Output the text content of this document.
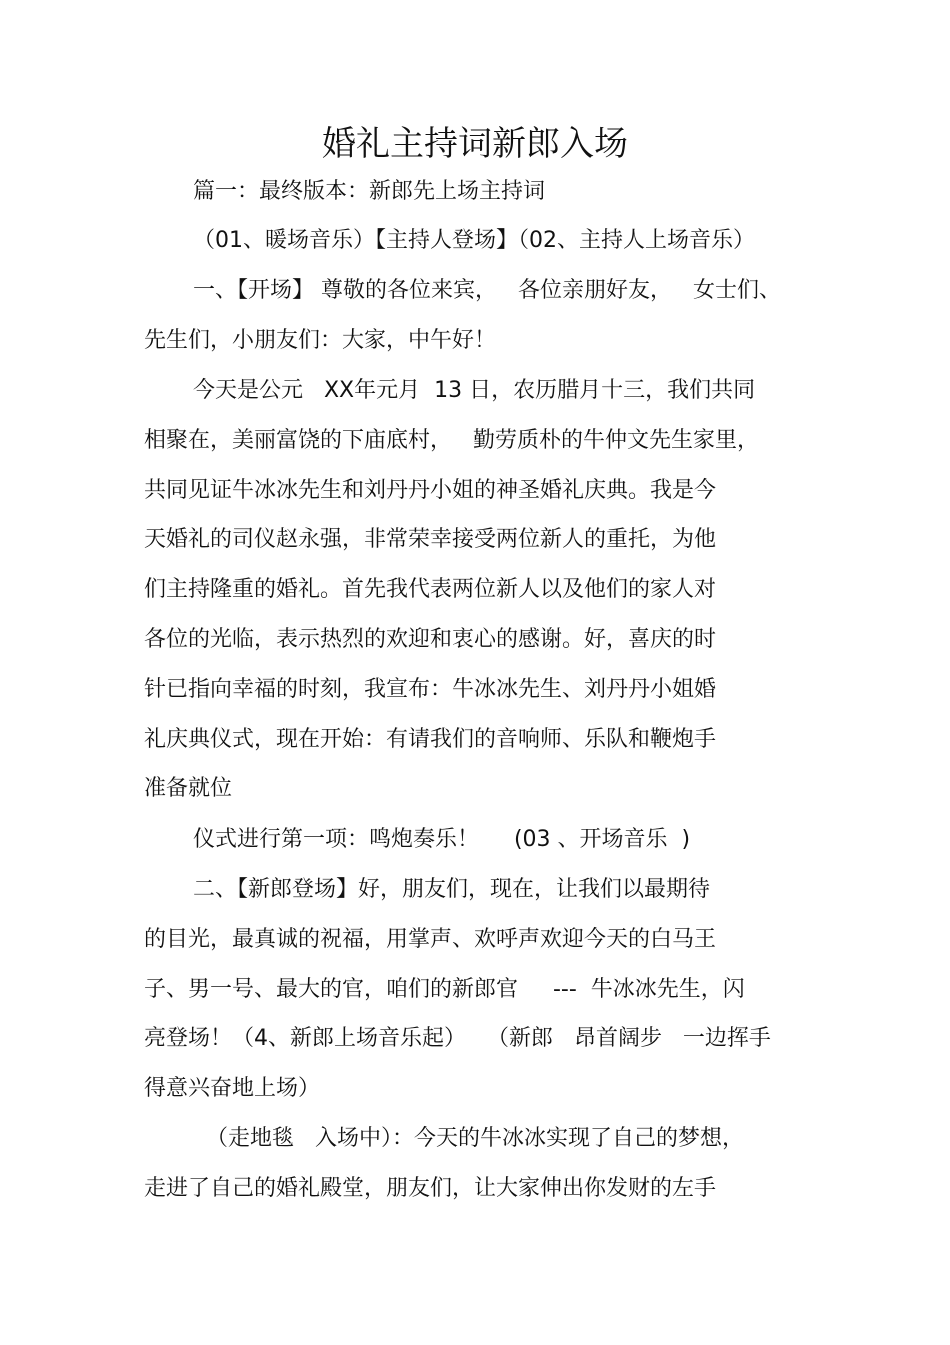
婚礼主持词新郎入场
篇一：最终版本：新郎先上场主持词
（01、暖场音乐）【主持人登场】（02、主持人上场音乐）
一、【开场】 尊敬的各位来宾，   各位亲朋好友，   女士们、
先生们，小朋友们：大家，中午好！
今天是公元   XX年元月  13 日，农历腊月十三，我们共同
相聚在，美丽富饶的下庙底村，   勤劳质朴的牛仲文先生家里，
共同见证牛冰冰先生和刘丹丹小姐的神圣婚礼庆典。我是今
天婚礼的司仪赵永强，非常荣幸接受两位新人的重托，为他
们主持隆重的婚礼。首先我代表两位新人以及他们的家人对
各位的光临，表示热烈的欢迎和衷心的感谢。好，喜庆的时
针已指向幸福的时刻，我宣布：牛冰冰先生、刘丹丹小姐婚
礼庆典仪式，现在开始：有请我们的音响师、乐队和鞭炮手
准备就位
仪式进行第一项：鸣炮奏乐！     (03 、开场音乐  )
二、【新郎登场】好，朋友们，现在，让我们以最期待
的目光，最真诚的祝福，用掌声、欢呼声欢迎今天的白马王
子、男一号、最大的官，咱们的新郎官     ---  牛冰冰先生，闪
亮登场！（4、新郎上场音乐起）   （新郎   昂首阔步   一边挥手
得意兴奋地上场）
（走地毯   入场中）：今天的牛冰冰实现了自己的梦想，
走进了自己的婚礼殿堂，朋友们，让大家伸出你发财的左手
